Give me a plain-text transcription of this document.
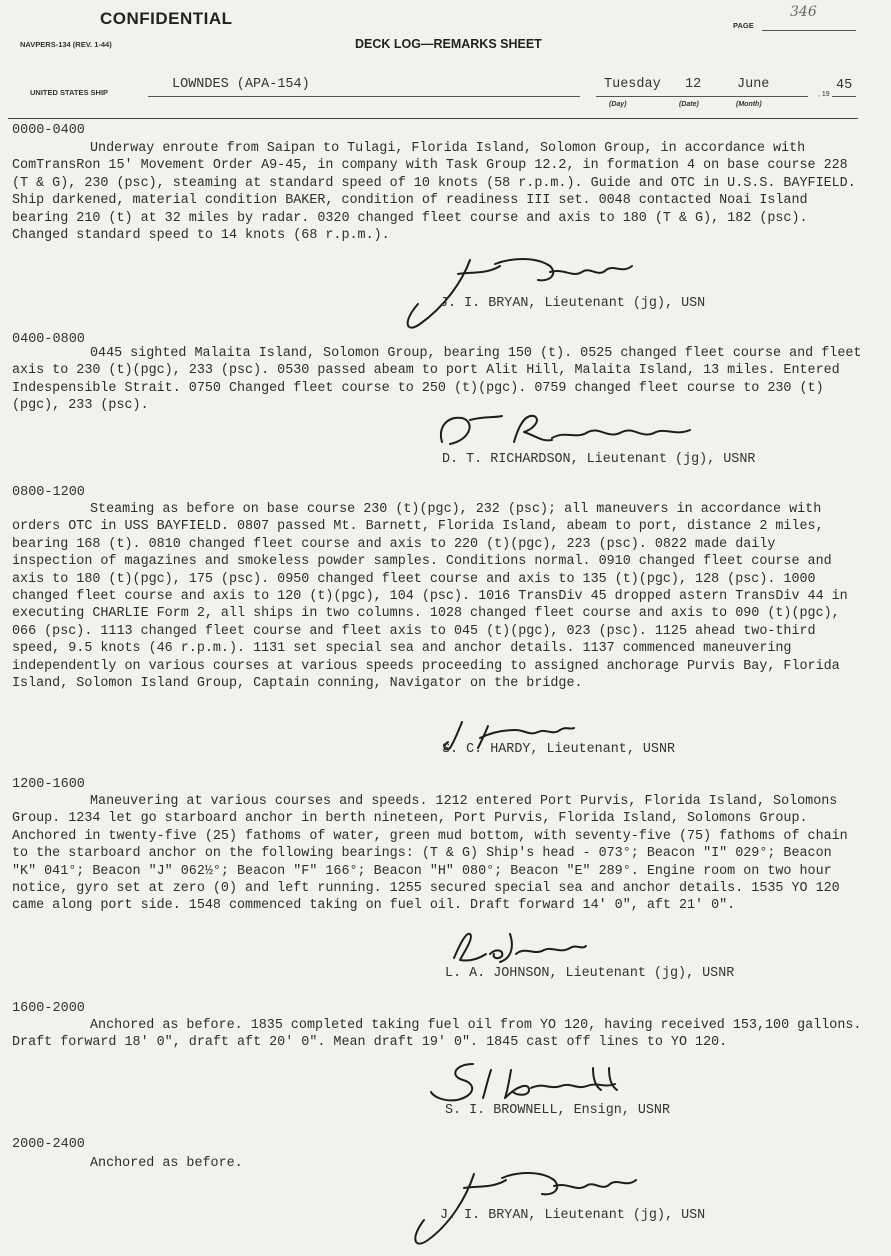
CONFIDENTIAL
NAVPERS-134 (REV. 1-44)	DECK LOG—REMARKS SHEET
PAGE
346
UNITED STATES SHIP
LOWNDES (APA-154)	Tuesday 12	June
(Day)	(Date)	(Month)
, 19
45
0000-0400

Underway enroute from Saipan to Tulagi, Florida Island, Solomon Group, in accordance with ComTransRon 15' Movement Order A9-45, in company with Task Group 12.2, in formation 4 on base course 228 (T & G), 230 (psc), steaming at standard speed of 10 knots (58 r.p.m.). Guide and OTC in U.S.S. BAYFIELD. Ship darkened, material condition BAKER, condition of readiness III set. 0048 contacted Noai Island bearing 210 (t) at 32 miles by radar. 0320 changed fleet course and axis to 180 (T & G), 182 (psc). Changed standard speed to 14 knots (68 r.p.m.).

J. I. BRYAN, Lieutenant (jg), USN
0400-0800

0445 sighted Malaita Island, Solomon Group, bearing 150 (t). 0525 changed fleet course and fleet axis to 230 (t)(pgc), 233 (psc). 0530 passed abeam to port Alit Hill, Malaita Island, 13 miles. Entered Indespensible Strait. 0750 Changed fleet course to 250 (t)(pgc). 0759 changed fleet course to 230 (t)(pgc), 233 (psc).

D. T. RICHARDSON, Lieutenant (jg), USNR
0800-1200

Steaming as before on base course 230 (t)(pgc), 232 (psc); all maneuvers in accordance with orders OTC in USS BAYFIELD. 0807 passed Mt. Barnett, Florida Island, abeam to port, distance 2 miles, bearing 168 (t). 0810 changed fleet course and axis to 220 (t)(pgc), 223 (psc). 0822 made daily inspection of magazines and smokeless powder samples. Conditions normal. 0910 changed fleet course and axis to 180 (t)(pgc), 175 (psc). 0950 changed fleet course and axis to 135 (t)(pgc), 128 (psc). 1000 changed fleet course and axis to 120 (t)(pgc), 104 (psc). 1016 TransDiv 45 dropped astern TransDiv 44 in executing CHARLIE Form 2, all ships in two columns. 1028 changed fleet course and axis to 090 (t)(pgc), 066 (psc). 1113 changed fleet course and fleet axis to 045 (t)(pgc), 023 (psc). 1125 ahead two-third speed, 9.5 knots (46 r.p.m.). 1131 set special sea and anchor details. 1137 commenced maneuvering independently on various courses at various speeds proceeding to assigned anchorage Purvis Bay, Florida Island, Solomon Island Group, Captain conning, Navigator on the bridge.

S. C. HARDY, Lieutenant, USNR
1200-1600

Maneuvering at various courses and speeds. 1212 entered Port Purvis, Florida Island, Solomons Group. 1234 let go starboard anchor in berth nineteen, Port Purvis, Florida Island, Solomons Group. Anchored in twenty-five (25) fathoms of water, green mud bottom, with seventy-five (75) fathoms of chain to the starboard anchor on the following bearings: (T & G) Ship's head - 073°; Beacon "I" 029°; Beacon "K" 041°; Beacon "J" 062½°; Beacon "F" 166°; Beacon "H" 080°; Beacon "E" 289°. Engine room on two hour notice, gyro set at zero (0) and left running. 1255 secured special sea and anchor details. 1535 YO 120 came along port side. 1548 commenced taking on fuel oil. Draft forward 14' 0", aft 21' 0".

L. A. JOHNSON, Lieutenant (jg), USNR
1600-2000

Anchored as before. 1835 completed taking fuel oil from YO 120, having received 153,100 gallons. Draft forward 18' 0", draft aft 20' 0". Mean draft 19' 0". 1845 cast off lines to YO 120.

S. I. BROWNELL, Ensign, USNR
2000-2400

Anchored as before.

J. I. BRYAN, Lieutenant (jg), USN
